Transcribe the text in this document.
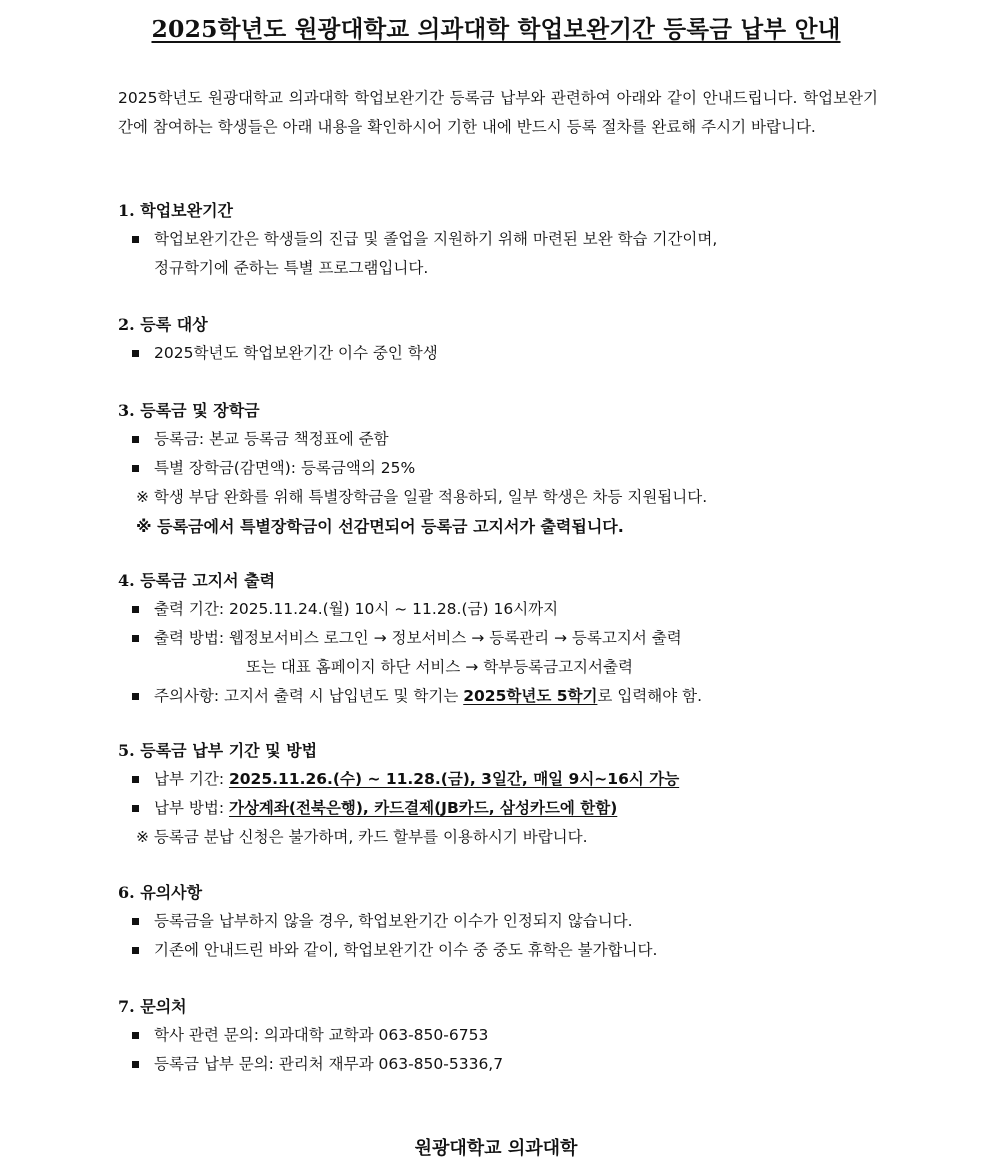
2025학년도 원광대학교 의과대학 학업보완기간 등록금 납부 안내
2025학년도 원광대학교 의과대학 학업보완기간 등록금 납부와 관련하여 아래와 같이 안내드립니다. 학업보완기간에 참여하는 학생들은 아래 내용을 확인하시어 기한 내에 반드시 등록 절차를 완료해 주시기 바랍니다.
1. 학업보완기간
학업보완기간은 학생들의 진급 및 졸업을 지원하기 위해 마련된 보완 학습 기간이며,
정규학기에 준하는 특별 프로그램입니다.
2. 등록 대상
2025학년도 학업보완기간 이수 중인 학생
3. 등록금 및 장학금
등록금: 본교 등록금 책정표에 준함
특별 장학금(감면액): 등록금액의 25%
※ 학생 부담 완화를 위해 특별장학금을 일괄 적용하되, 일부 학생은 차등 지원됩니다.
※ 등록금에서 특별장학금이 선감면되어 등록금 고지서가 출력됩니다.
4. 등록금 고지서 출력
출력 기간: 2025.11.24.(월) 10시 ~ 11.28.(금) 16시까지
출력 방법: 웹정보서비스 로그인 → 정보서비스 → 등록관리 → 등록고지서 출력
또는 대표 홈페이지 하단 서비스 → 학부등록금고지서출력
주의사항: 고지서 출력 시 납입년도 및 학기는 2025학년도 5학기로 입력해야 함.
5. 등록금 납부 기간 및 방법
납부 기간: 2025.11.26.(수) ~ 11.28.(금), 3일간, 매일 9시~16시 가능
납부 방법: 가상계좌(전북은행), 카드결제(JB카드, 삼성카드에 한함)
※ 등록금 분납 신청은 불가하며, 카드 할부를 이용하시기 바랍니다.
6. 유의사항
등록금을 납부하지 않을 경우, 학업보완기간 이수가 인정되지 않습니다.
기존에 안내드린 바와 같이, 학업보완기간 이수 중 중도 휴학은 불가합니다.
7. 문의처
학사 관련 문의: 의과대학 교학과 063-850-6753
등록금 납부 문의: 관리처 재무과 063-850-5336,7
원광대학교 의과대학
